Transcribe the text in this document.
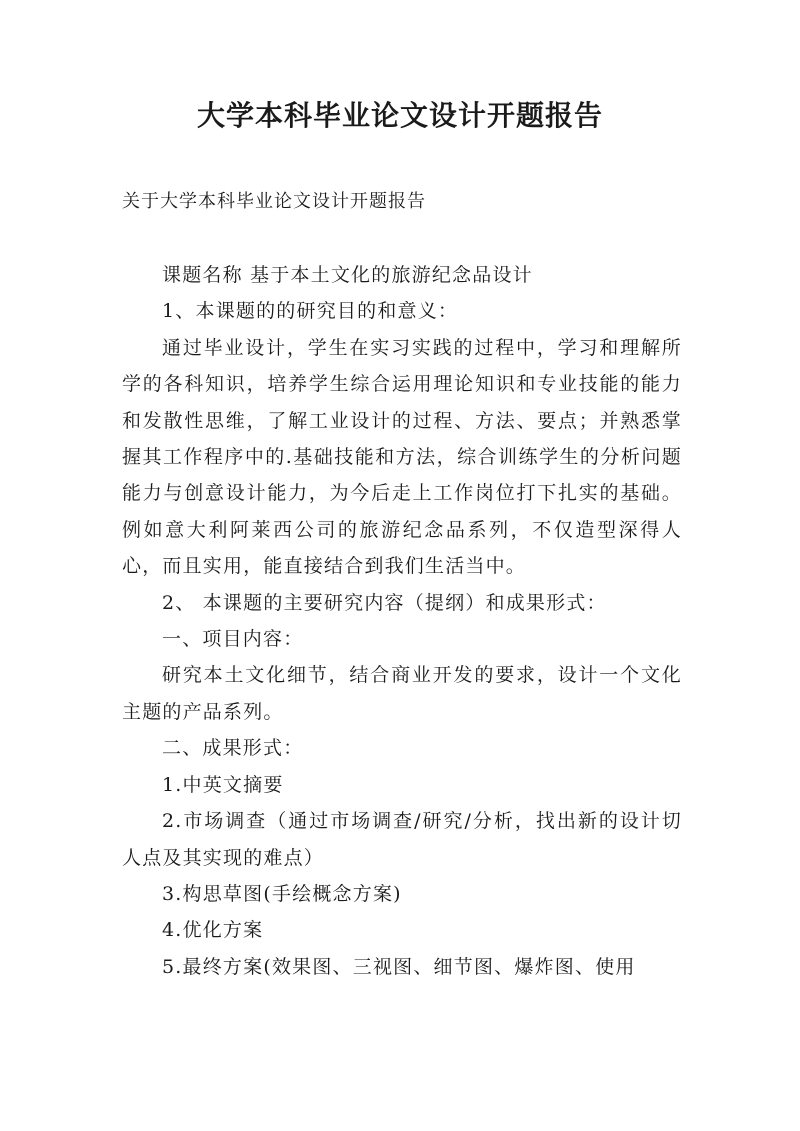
大学本科毕业论文设计开题报告

关于大学本科毕业论文设计开题报告

课题名称 基于本土文化的旅游纪念品设计

1、本课题的的研究目的和意义：

通过毕业设计，学生在实习实践的过程中，学习和理解所学的各科知识，培养学生综合运用理论知识和专业技能的能力和发散性思维，了解工业设计的过程、方法、要点；并熟悉掌握其工作程序中的.基础技能和方法，综合训练学生的分析问题能力与创意设计能力，为今后走上工作岗位打下扎实的基础。例如意大利阿莱西公司的旅游纪念品系列，不仅造型深得人心，而且实用，能直接结合到我们生活当中。

2、 本课题的主要研究内容（提纲）和成果形式：

一、项目内容：

研究本土文化细节，结合商业开发的要求，设计一个文化主题的产品系列。

二、成果形式：

1.中英文摘要

2.市场调查（通过市场调查/研究/分析，找出新的设计切人点及其实现的难点）

3.构思草图(手绘概念方案)

4.优化方案

5.最终方案(效果图、三视图、细节图、爆炸图、使用
